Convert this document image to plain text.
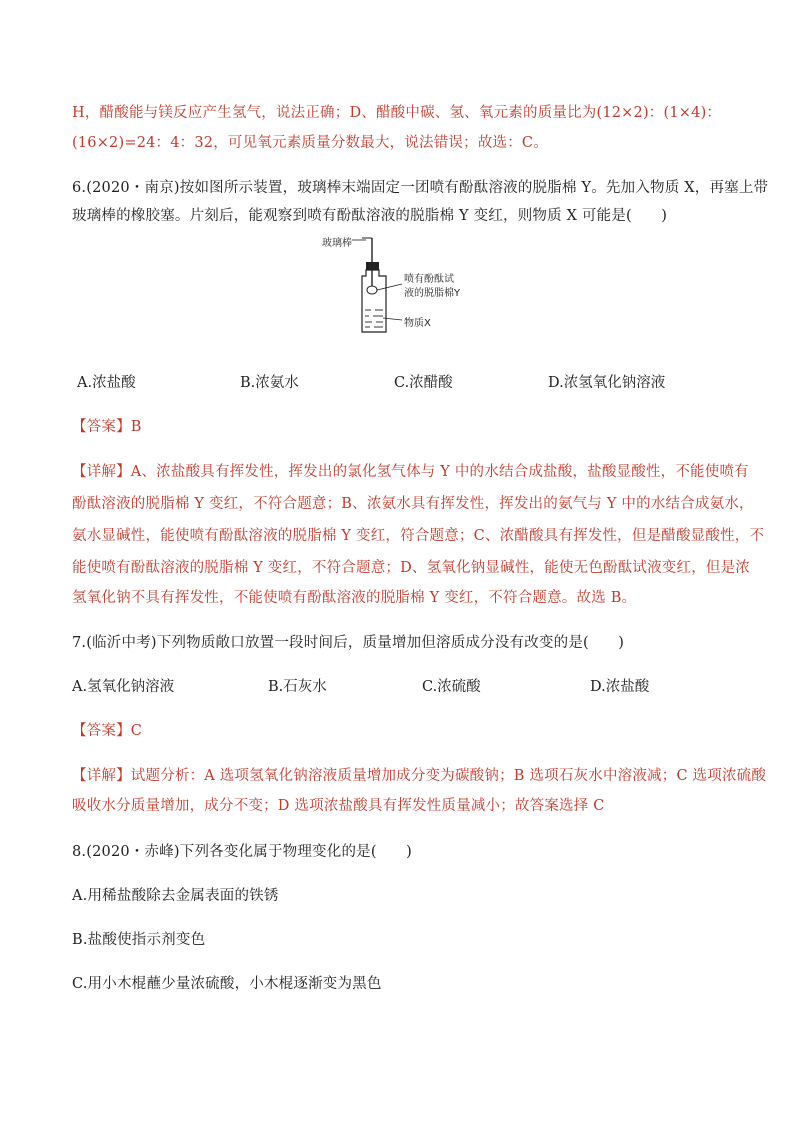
H，醋酸能与镁反应产生氢气，说法正确；D、醋酸中碳、氢、氧元素的质量比为(12×2)：(1×4)：
(16×2)=24：4：32，可见氧元素质量分数最大，说法错误；故选：C。
6.(2020・南京)按如图所示装置，玻璃棒末端固定一团喷有酚酞溶液的脱脂棉 Y。先加入物质 X，再塞上带
玻璃棒的橡胶塞。片刻后，能观察到喷有酚酞溶液的脱脂棉 Y 变红，则物质 X 可能是(　　)
玻璃棒
喷有酚酞试
液的脱脂棉Y
物质X
A.浓盐酸	B.浓氨水	C.浓醋酸	D.浓氢氧化钠溶液
【答案】B
【详解】A、浓盐酸具有挥发性，挥发出的氯化氢气体与 Y 中的水结合成盐酸，盐酸显酸性，不能使喷有
酚酞溶液的脱脂棉 Y 变红，不符合题意；B、浓氨水具有挥发性，挥发出的氨气与 Y 中的水结合成氨水，
氨水显碱性，能使喷有酚酞溶液的脱脂棉 Y 变红，符合题意；C、浓醋酸具有挥发性，但是醋酸显酸性，不
能使喷有酚酞溶液的脱脂棉 Y 变红，不符合题意；D、氢氧化钠显碱性，能使无色酚酞试液变红，但是浓
氢氧化钠不具有挥发性，不能使喷有酚酞溶液的脱脂棉 Y 变红，不符合题意。故选 B。
7.(临沂中考)下列物质敞口放置一段时间后，质量增加但溶质成分没有改变的是(　　)
A.氢氧化钠溶液	B.石灰水	C.浓硫酸	D.浓盐酸
【答案】C
【详解】试题分析：A 选项氢氧化钠溶液质量增加成分变为碳酸钠；B 选项石灰水中溶液减；C 选项浓硫酸
吸收水分质量增加，成分不变；D 选项浓盐酸具有挥发性质量减小；故答案选择 C
8.(2020・赤峰)下列各变化属于物理变化的是(　　)
A.用稀盐酸除去金属表面的铁锈
B.盐酸使指示剂变色
C.用小木棍蘸少量浓硫酸，小木棍逐渐变为黑色
